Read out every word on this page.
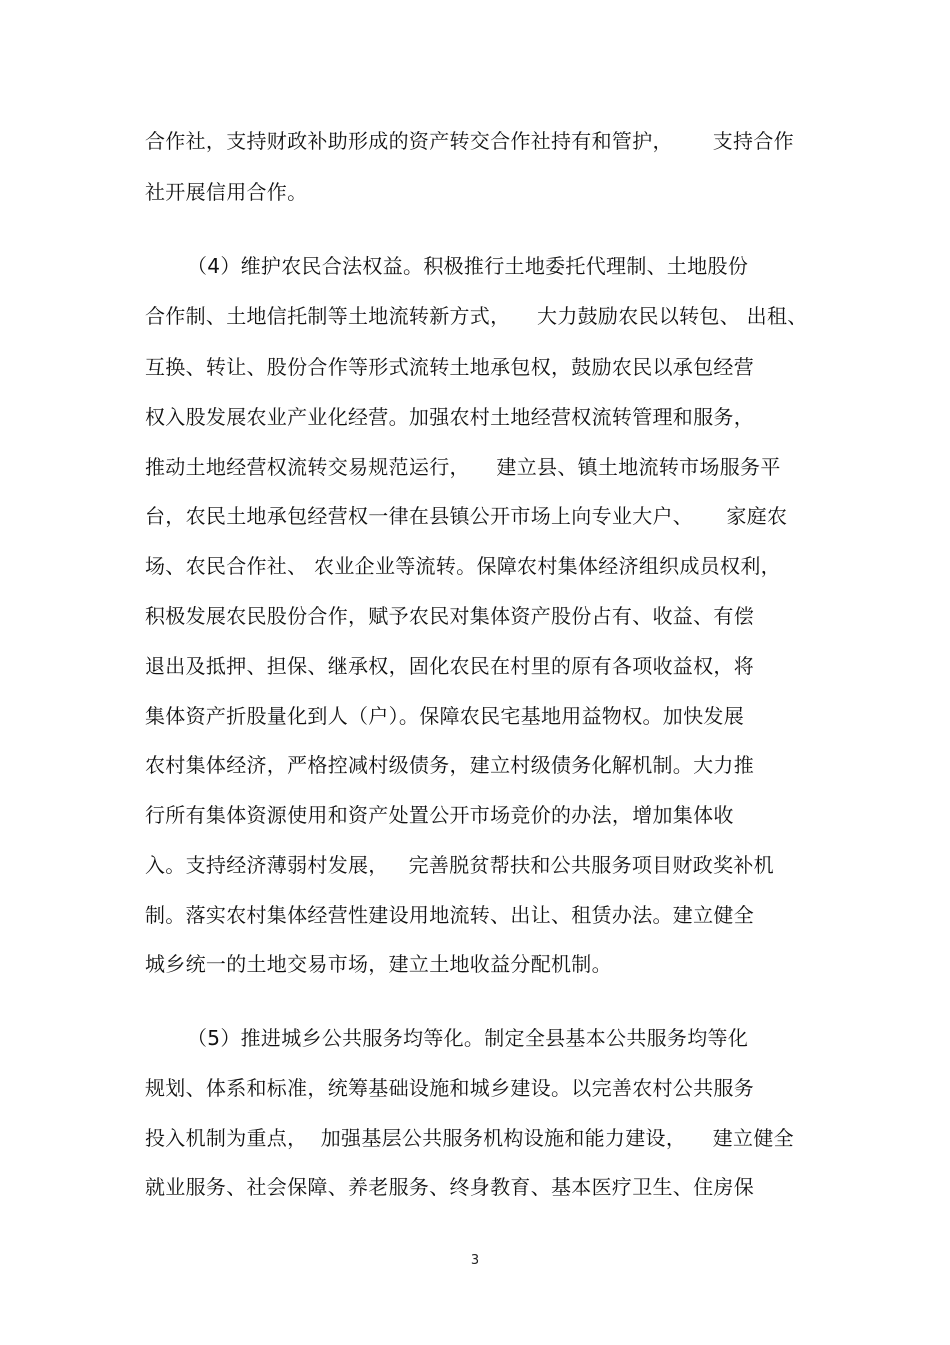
合作社，支持财政补助形成的资产转交合作社持有和管护，      支持合作
社开展信用合作。
（4）维护农民合法权益。积极推行土地委托代理制、土地股份
合作制、土地信托制等土地流转新方式，    大力鼓励农民以转包、 出租、
互换、转让、股份合作等形式流转土地承包权，鼓励农民以承包经营
权入股发展农业产业化经营。加强农村土地经营权流转管理和服务，
推动土地经营权流转交易规范运行，    建立县、镇土地流转市场服务平
台，农民土地承包经营权一律在县镇公开市场上向专业大户、     家庭农
场、农民合作社、 农业企业等流转。保障农村集体经济组织成员权利，
积极发展农民股份合作，赋予农民对集体资产股份占有、收益、有偿
退出及抵押、担保、继承权，固化农民在村里的原有各项收益权，将
集体资产折股量化到人（户）。保障农民宅基地用益物权。加快发展
农村集体经济，严格控减村级债务，建立村级债务化解机制。大力推
行所有集体资源使用和资产处置公开市场竞价的办法，增加集体收
入。支持经济薄弱村发展，   完善脱贫帮扶和公共服务项目财政奖补机
制。落实农村集体经营性建设用地流转、出让、租赁办法。建立健全
城乡统一的土地交易市场，建立土地收益分配机制。
（5）推进城乡公共服务均等化。制定全县基本公共服务均等化
规划、体系和标准，统筹基础设施和城乡建设。以完善农村公共服务
投入机制为重点，  加强基层公共服务机构设施和能力建设，    建立健全
就业服务、社会保障、养老服务、终身教育、基本医疗卫生、住房保
3
